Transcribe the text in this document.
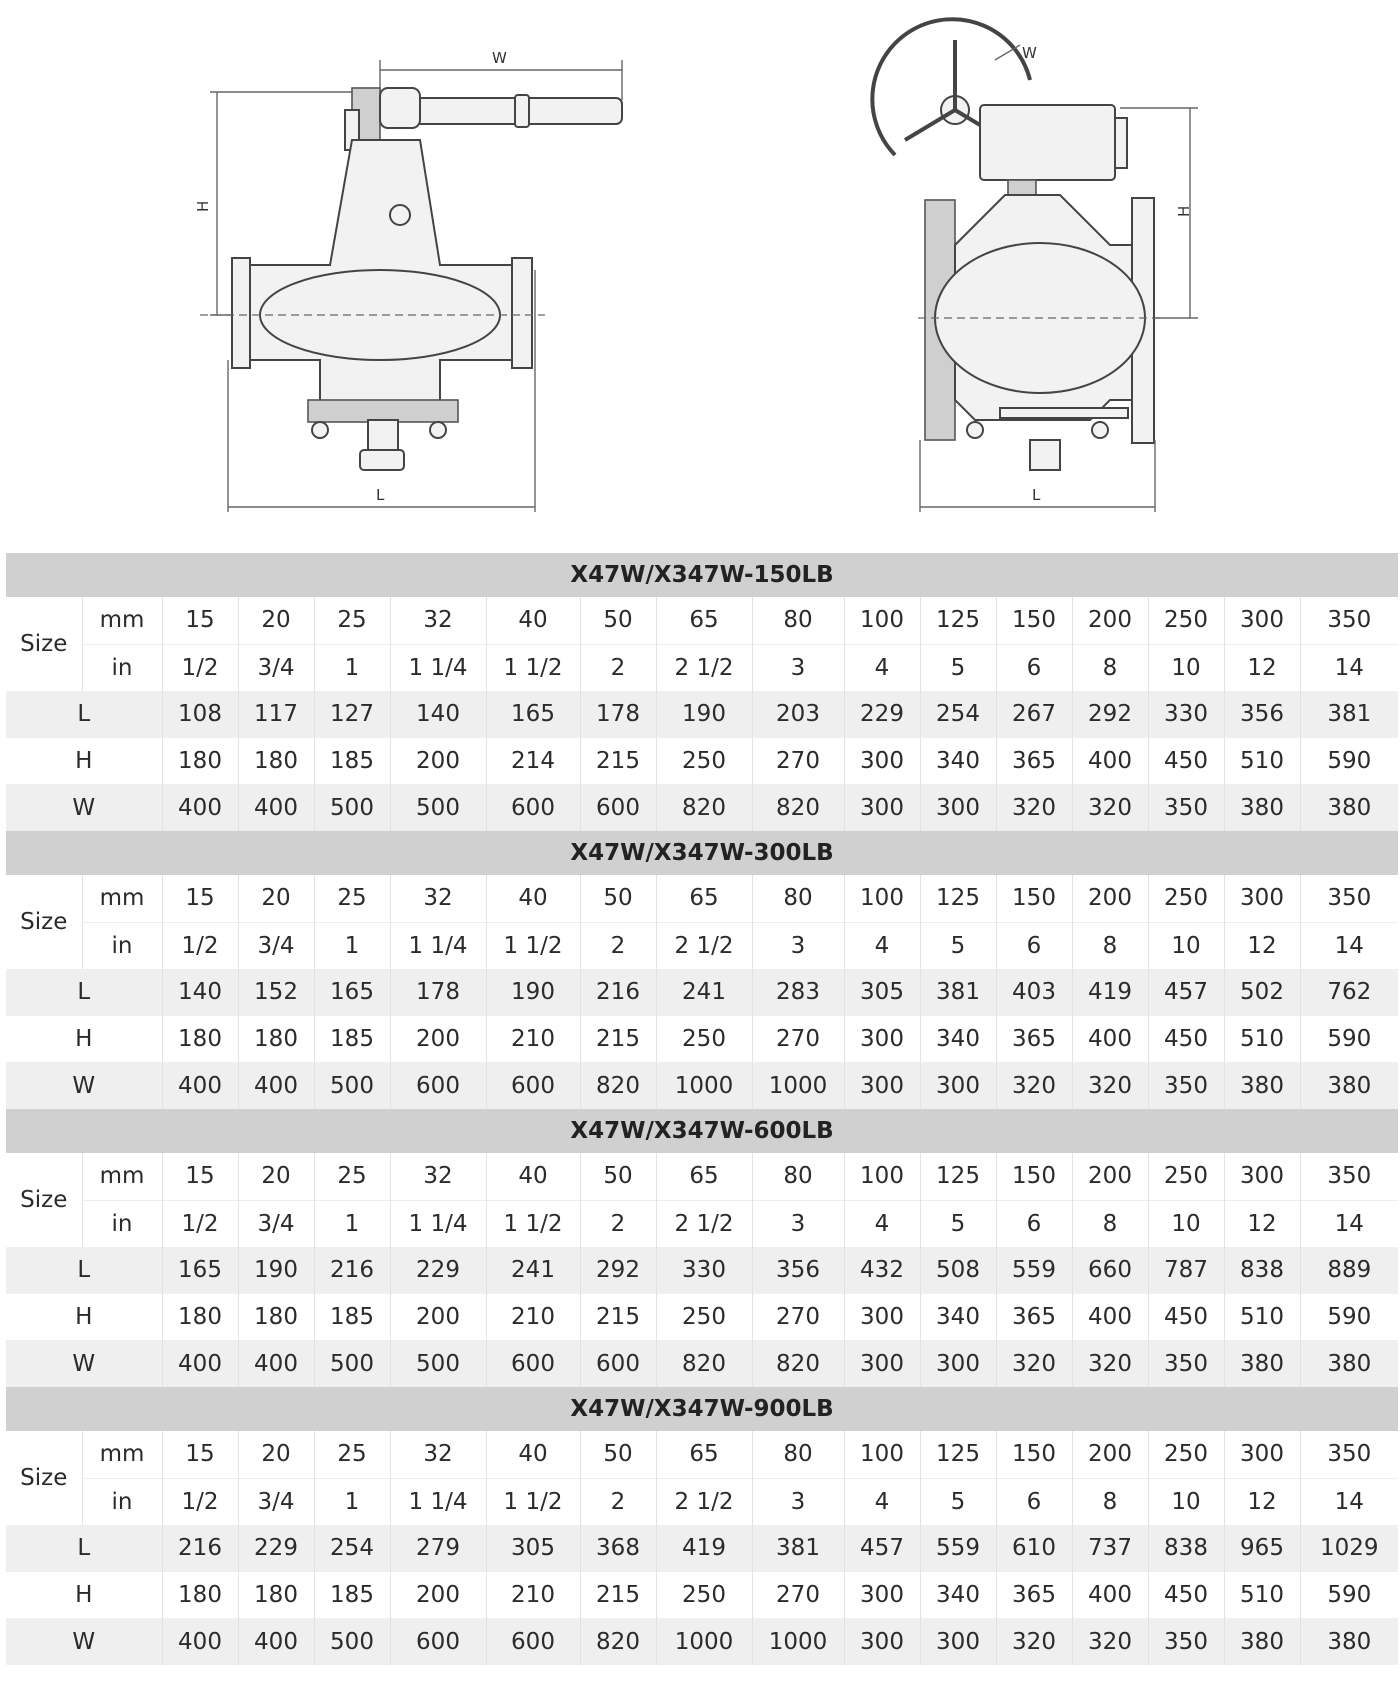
W
H
L
W
H
L
X47W/X347W-150LB																
Size	mm	15	20	25	32	40	50	65	80	100	125	150	200	250	300	350
	in	1/2	3/4	1	1 1/4	1 1/2	2	2 1/2	3	4	5	6	8	10	12	14
L		108	117	127	140	165	178	190	203	229	254	267	292	330	356	381
H		180	180	185	200	214	215	250	270	300	340	365	400	450	510	590
W		400	400	500	500	600	600	820	820	300	300	320	320	350	380	380
X47W/X347W-300LB																
Size	mm	15	20	25	32	40	50	65	80	100	125	150	200	250	300	350
	in	1/2	3/4	1	1 1/4	1 1/2	2	2 1/2	3	4	5	6	8	10	12	14
L		140	152	165	178	190	216	241	283	305	381	403	419	457	502	762
H		180	180	185	200	210	215	250	270	300	340	365	400	450	510	590
W		400	400	500	600	600	820	1000	1000	300	300	320	320	350	380	380
X47W/X347W-600LB																
Size	mm	15	20	25	32	40	50	65	80	100	125	150	200	250	300	350
	in	1/2	3/4	1	1 1/4	1 1/2	2	2 1/2	3	4	5	6	8	10	12	14
L		165	190	216	229	241	292	330	356	432	508	559	660	787	838	889
H		180	180	185	200	210	215	250	270	300	340	365	400	450	510	590
W		400	400	500	500	600	600	820	820	300	300	320	320	350	380	380
X47W/X347W-900LB																
Size	mm	15	20	25	32	40	50	65	80	100	125	150	200	250	300	350
	in	1/2	3/4	1	1 1/4	1 1/2	2	2 1/2	3	4	5	6	8	10	12	14
L		216	229	254	279	305	368	419	381	457	559	610	737	838	965	1029
H		180	180	185	200	210	215	250	270	300	340	365	400	450	510	590
W		400	400	500	600	600	820	1000	1000	300	300	320	320	350	380	380
